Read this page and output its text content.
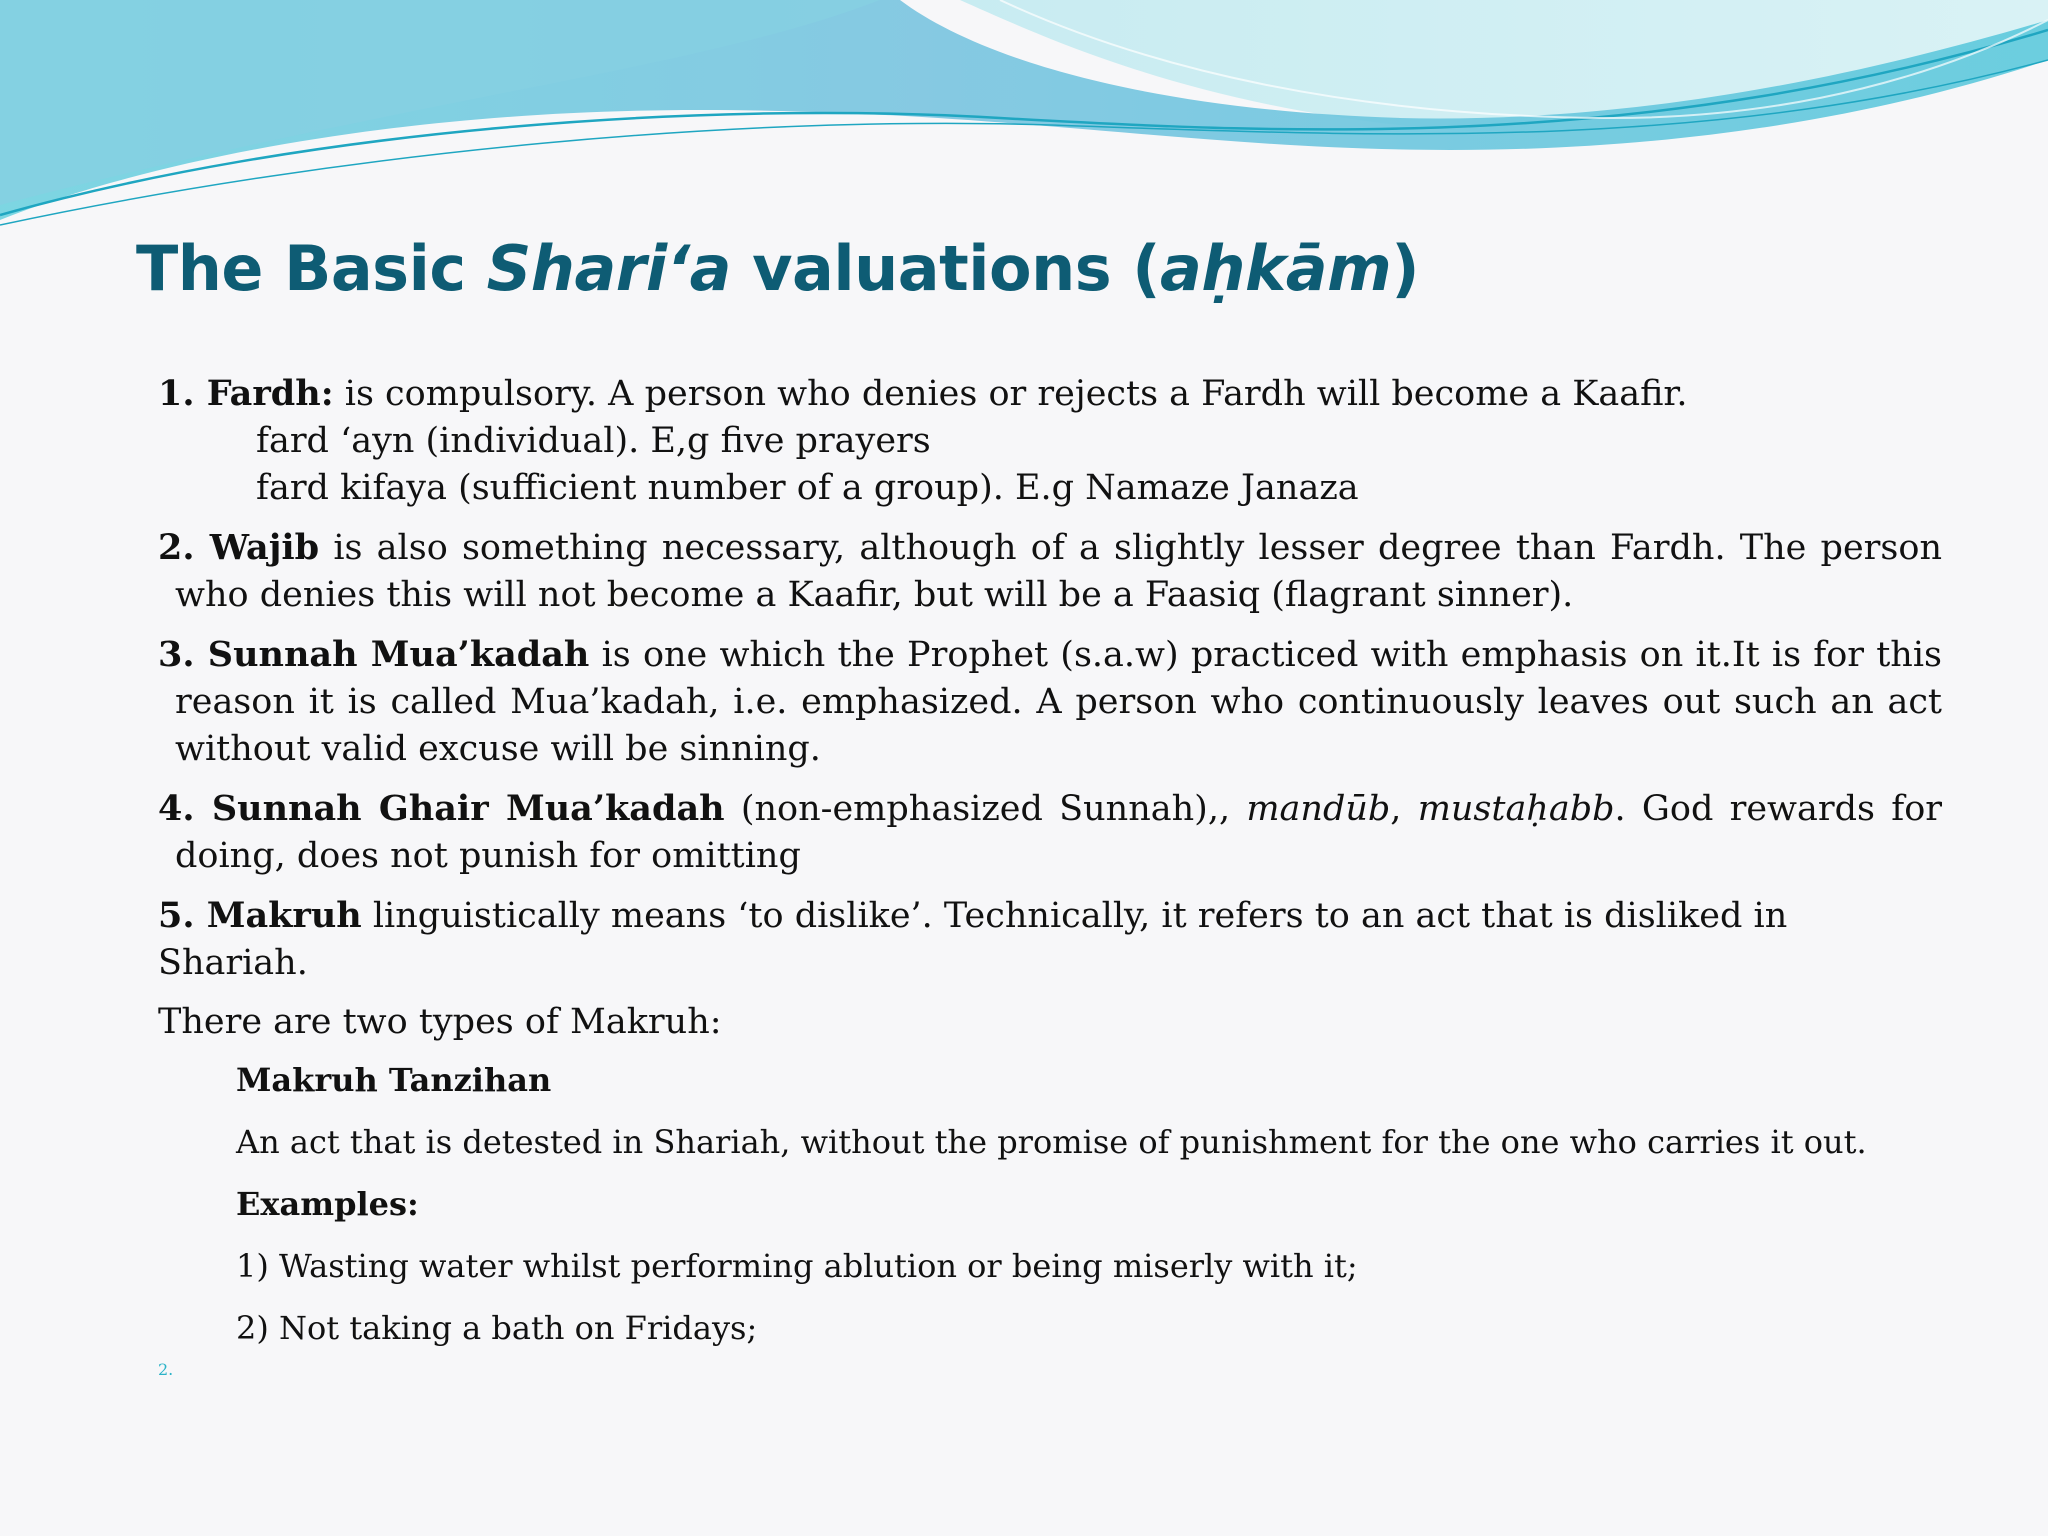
The Basic Shari‘a valuations (aḥkām)

1. Fardh: is compulsory. A person who denies or rejects a Fardh will become a Kaafir.

fard ‘ayn (individual). E,g five prayers

fard kifaya (sufficient number of a group). E.g Namaze Janaza

2. Wajib is also something necessary, although of a slightly lesser degree than Fardh. The person who denies this will not become a Kaafir, but will be a Faasiq (flagrant sinner).

3. Sunnah Mua’kadah is one which the Prophet (s.a.w) practiced with emphasis on it.It is for this reason it is called Mua’kadah, i.e. emphasized. A person who continuously leaves out such an act without valid excuse will be sinning.

4. Sunnah Ghair Mua’kadah (non-emphasized Sunnah),, mandūb, mustaḥabb. God rewards for doing, does not punish for omitting

5. Makruh linguistically means ‘to dislike’. Technically, it refers to an act that is disliked in Shariah.

There are two types of Makruh:

Makruh Tanzihan

An act that is detested in Shariah, without the promise of punishment for the one who carries it out.

Examples:

1) Wasting water whilst performing ablution or being miserly with it;

2) Not taking a bath on Fridays;

2.
